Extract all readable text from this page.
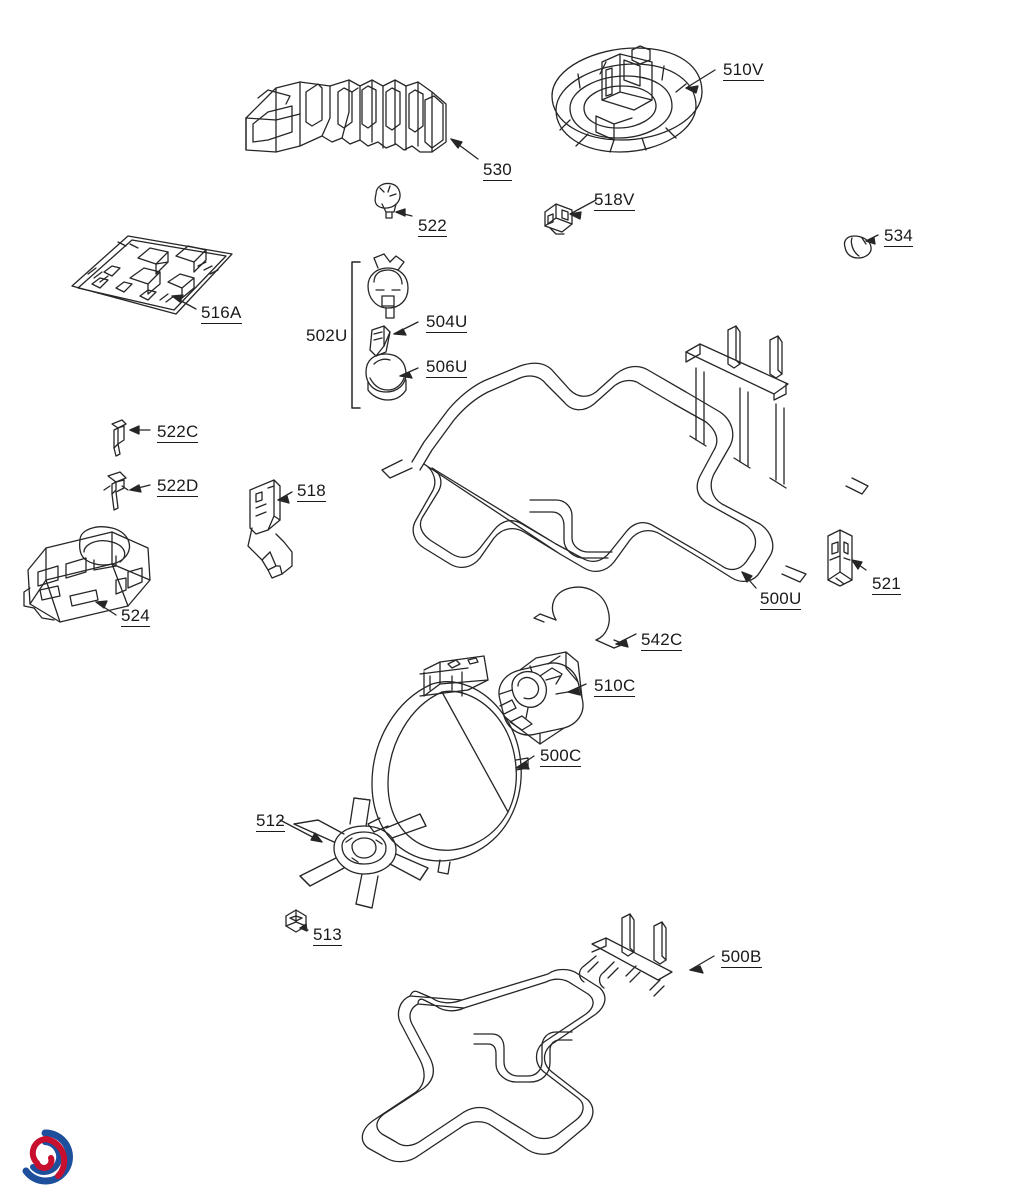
510V
530
522
518V
534
516A
502U
504U
506U
522C
522D	518
524
500U
521
542C
510C
500C
512
513
500B
